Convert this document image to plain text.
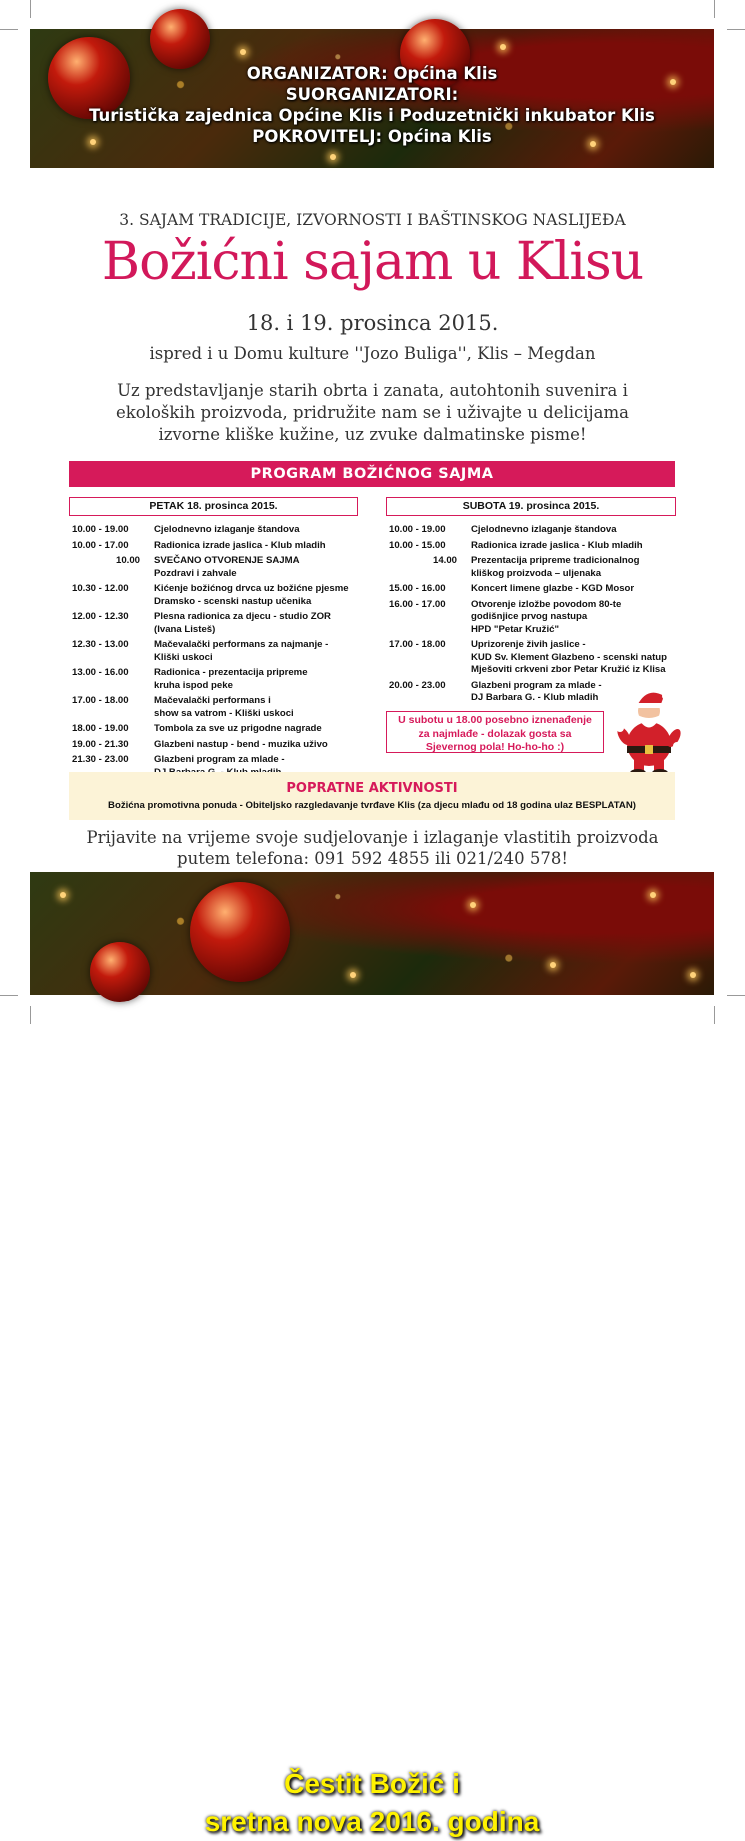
ORGANIZATOR: Općina Klis
SUORGANIZATORI:
Turistička zajednica Općine Klis i Poduzetnički inkubator Klis
POKROVITELJ: Općina Klis
3. SAJAM TRADICIJE, IZVORNOSTI I BAŠTINSKOG NASLIJEĐA
Božićni sajam u Klisu
18. i 19. prosinca 2015.
ispred i u Domu kulture ''Jozo Buliga'', Klis – Megdan
Uz predstavljanje starih obrta i zanata, autohtonih suvenira i
ekoloških proizvoda, pridružite nam se i uživajte u delicijama
izvorne kliške kužine, uz zvuke dalmatinske pisme!
PROGRAM BOŽIĆNOG SAJMA
PETAK 18. prosinca 2015.	SUBOTA 19. prosinca 2015.
10.00 - 19.00	Cjelodnevno izlaganje štandova
10.00 - 17.00	Radionica izrade jaslica - Klub mladih
10.00	SVEČANO OTVORENJE SAJMA
Pozdravi i zahvale
10.30 - 12.00	Kićenje božićnog drvca uz božićne pjesme
Dramsko - scenski nastup učenika
12.00 - 12.30	Plesna radionica za djecu - studio ZOR
(Ivana Listeš)
12.30 - 13.00	Mačevalački performans za najmanje -
Kliški uskoci
13.00 - 16.00	Radionica - prezentacija pripreme
kruha ispod peke
17.00 - 18.00	Mačevalački performans i
show sa vatrom - Kliški uskoci
18.00 - 19.00	Tombola za sve uz prigodne nagrade
19.00 - 21.30	Glazbeni nastup - bend - muzika uživo
21.30 - 23.00	Glazbeni program za mlade -
10.00 - 19.00	Cjelodnevno izlaganje štandova
10.00 - 15.00	Radionica izrade jaslica - Klub mladih
14.00	Prezentacija pripreme tradicionalnog
kliškog proizvoda – uljenaka
15.00 - 16.00	Koncert limene glazbe - KGD Mosor
16.00 - 17.00	Otvorenje izložbe povodom 80-te
godišnjice prvog nastupa
HPD "Petar Kružić"
17.00 - 18.00	Uprizorenje živih jaslice -
KUD Sv. Klement Glazbeno - scenski natup
Mješoviti crkveni zbor Petar Kružić iz Klisa
20.00 - 23.00	Glazbeni program za mlade -
DJ Barbara G. - Klub mladih
U subotu u 18.00 posebno iznenađenje
za najmlađe - dolazak gosta sa
Sjevernog pola! Ho-ho-ho :)
POPRATNE AKTIVNOSTI
Božićna promotivna ponuda - Obiteljsko razgledavanje tvrđave Klis (za djecu mlađu od 18 godina ulaz BESPLATAN)
Prijavite na vrijeme svoje sudjelovanje i izlaganje vlastitih proizvoda
putem telefona: 091 592 4855 ili 021/240 578!
Čestit Božić i
sretna nova 2016. godina
